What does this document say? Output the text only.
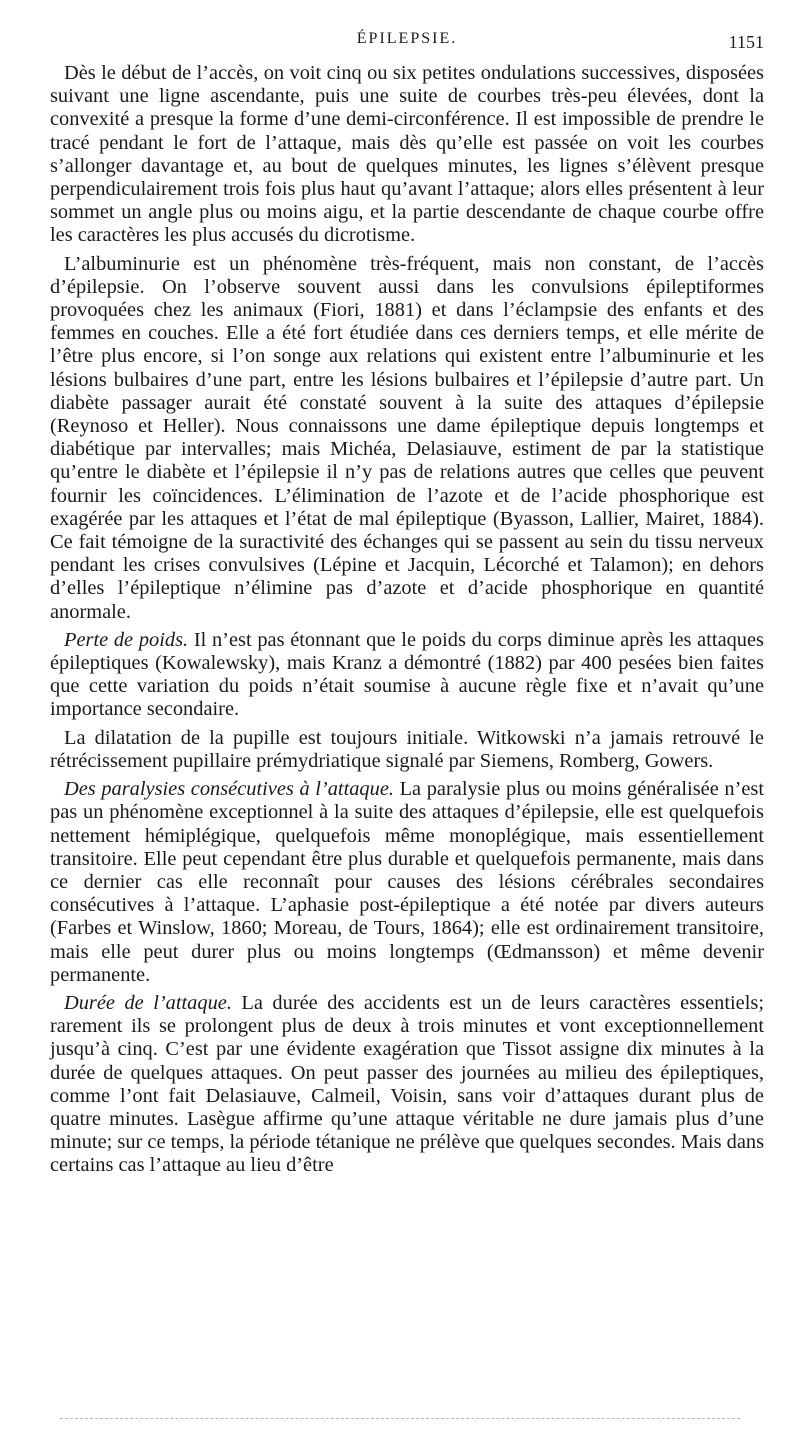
ÉPILEPSIE.	1151

Dès le début de l’accès, on voit cinq ou six petites ondulations successives, disposées suivant une ligne ascendante, puis une suite de courbes très-peu élevées, dont la convexité a presque la forme d’une demi-circonférence. Il est impossible de prendre le tracé pendant le fort de l’attaque, mais dès qu’elle est passée on voit les courbes s’allonger davantage et, au bout de quelques minutes, les lignes s’élèvent presque perpendiculairement trois fois plus haut qu’avant l’attaque; alors elles présentent à leur sommet un angle plus ou moins aigu, et la partie descendante de chaque courbe offre les caractères les plus accusés du dicrotisme.

L’albuminurie est un phénomène très-fréquent, mais non constant, de l’accès d’épilepsie. On l’observe souvent aussi dans les convulsions épileptiformes provoquées chez les animaux (Fiori, 1881) et dans l’éclampsie des enfants et des femmes en couches. Elle a été fort étudiée dans ces derniers temps, et elle mérite de l’être plus encore, si l’on songe aux relations qui existent entre l’albuminurie et les lésions bulbaires d’une part, entre les lésions bulbaires et l’épilepsie d’autre part. Un diabète passager aurait été constaté souvent à la suite des attaques d’épilepsie (Reynoso et Heller). Nous connaissons une dame épileptique depuis longtemps et diabétique par intervalles; mais Michéa, Delasiauve, estiment de par la statistique qu’entre le diabète et l’épilepsie il n’y pas de relations autres que celles que peuvent fournir les coïncidences. L’élimination de l’azote et de l’acide phosphorique est exagérée par les attaques et l’état de mal épileptique (Byasson, Lallier, Mairet, 1884). Ce fait témoigne de la suractivité des échanges qui se passent au sein du tissu nerveux pendant les crises convulsives (Lépine et Jacquin, Lécorché et Talamon); en dehors d’elles l’épileptique n’élimine pas d’azote et d’acide phosphorique en quantité anormale.

Perte de poids. Il n’est pas étonnant que le poids du corps diminue après les attaques épileptiques (Kowalewsky), mais Kranz a démontré (1882) par 400 pesées bien faites que cette variation du poids n’était soumise à aucune règle fixe et n’avait qu’une importance secondaire.

La dilatation de la pupille est toujours initiale. Witkowski n’a jamais retrouvé le rétrécissement pupillaire prémydriatique signalé par Siemens, Romberg, Gowers.

Des paralysies consécutives à l’attaque. La paralysie plus ou moins généralisée n’est pas un phénomène exceptionnel à la suite des attaques d’épilepsie, elle est quelquefois nettement hémiplégique, quelquefois même monoplégique, mais essentiellement transitoire. Elle peut cependant être plus durable et quelquefois permanente, mais dans ce dernier cas elle reconnaît pour causes des lésions cérébrales secondaires consécutives à l’attaque. L’aphasie post-épileptique a été notée par divers auteurs (Farbes et Winslow, 1860; Moreau, de Tours, 1864); elle est ordinairement transitoire, mais elle peut durer plus ou moins longtemps (Œdmansson) et même devenir permanente.

Durée de l’attaque. La durée des accidents est un de leurs caractères essentiels; rarement ils se prolongent plus de deux à trois minutes et vont exceptionnellement jusqu’à cinq. C’est par une évidente exagération que Tissot assigne dix minutes à la durée de quelques attaques. On peut passer des journées au milieu des épileptiques, comme l’ont fait Delasiauve, Calmeil, Voisin, sans voir d’attaques durant plus de quatre minutes. Lasègue affirme qu’une attaque véritable ne dure jamais plus d’une minute; sur ce temps, la période tétanique ne prélève que quelques secondes. Mais dans certains cas l’attaque au lieu d’être
